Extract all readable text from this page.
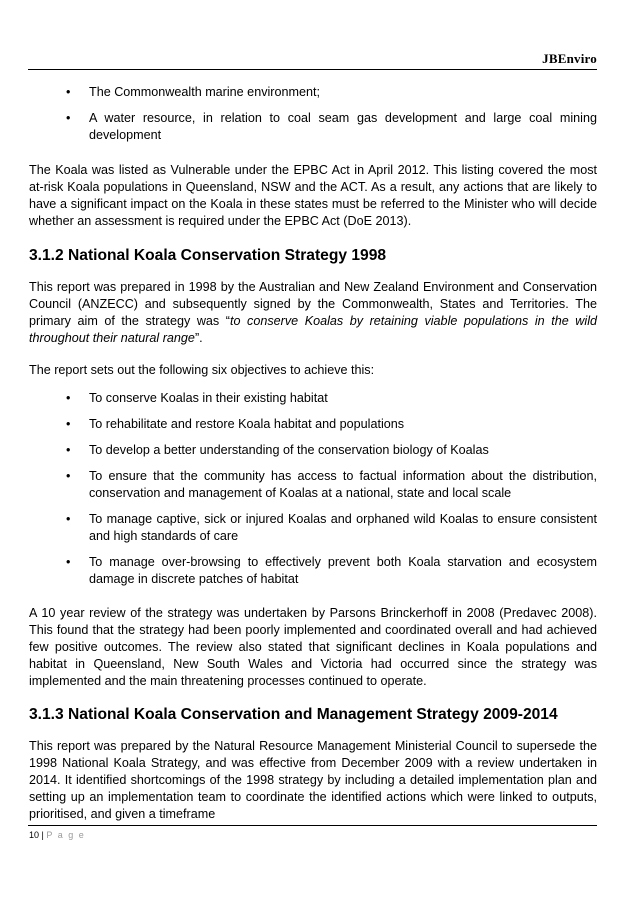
JBEnviro
• The Commonwealth marine environment;
• A water resource, in relation to coal seam gas development and large coal mining development

The Koala was listed as Vulnerable under the EPBC Act in April 2012. This listing covered the most at-risk Koala populations in Queensland, NSW and the ACT. As a result, any actions that are likely to have a significant impact on the Koala in these states must be referred to the Minister who will decide whether an assessment is required under the EPBC Act (DoE 2013).

3.1.2 National Koala Conservation Strategy 1998

This report was prepared in 1998 by the Australian and New Zealand Environment and Conservation Council (ANZECC) and subsequently signed by the Commonwealth, States and Territories. The primary aim of the strategy was “to conserve Koalas by retaining viable populations in the wild throughout their natural range”.

The report sets out the following six objectives to achieve this:

• To conserve Koalas in their existing habitat
• To rehabilitate and restore Koala habitat and populations
• To develop a better understanding of the conservation biology of Koalas
• To ensure that the community has access to factual information about the distribution, conservation and management of Koalas at a national, state and local scale
• To manage captive, sick or injured Koalas and orphaned wild Koalas to ensure consistent and high standards of care
• To manage over-browsing to effectively prevent both Koala starvation and ecosystem damage in discrete patches of habitat

A 10 year review of the strategy was undertaken by Parsons Brinckerhoff in 2008 (Predavec 2008). This found that the strategy had been poorly implemented and coordinated overall and had achieved few positive outcomes. The review also stated that significant declines in Koala populations and habitat in Queensland, New South Wales and Victoria had occurred since the strategy was implemented and the main threatening processes continued to operate.

3.1.3 National Koala Conservation and Management Strategy 2009-2014

This report was prepared by the Natural Resource Management Ministerial Council to supersede the 1998 National Koala Strategy, and was effective from December 2009 with a review undertaken in 2014. It identified shortcomings of the 1998 strategy by including a detailed implementation plan and setting up an implementation team to coordinate the identified actions which were linked to outputs, prioritised, and given a timeframe

10 | P a g e
